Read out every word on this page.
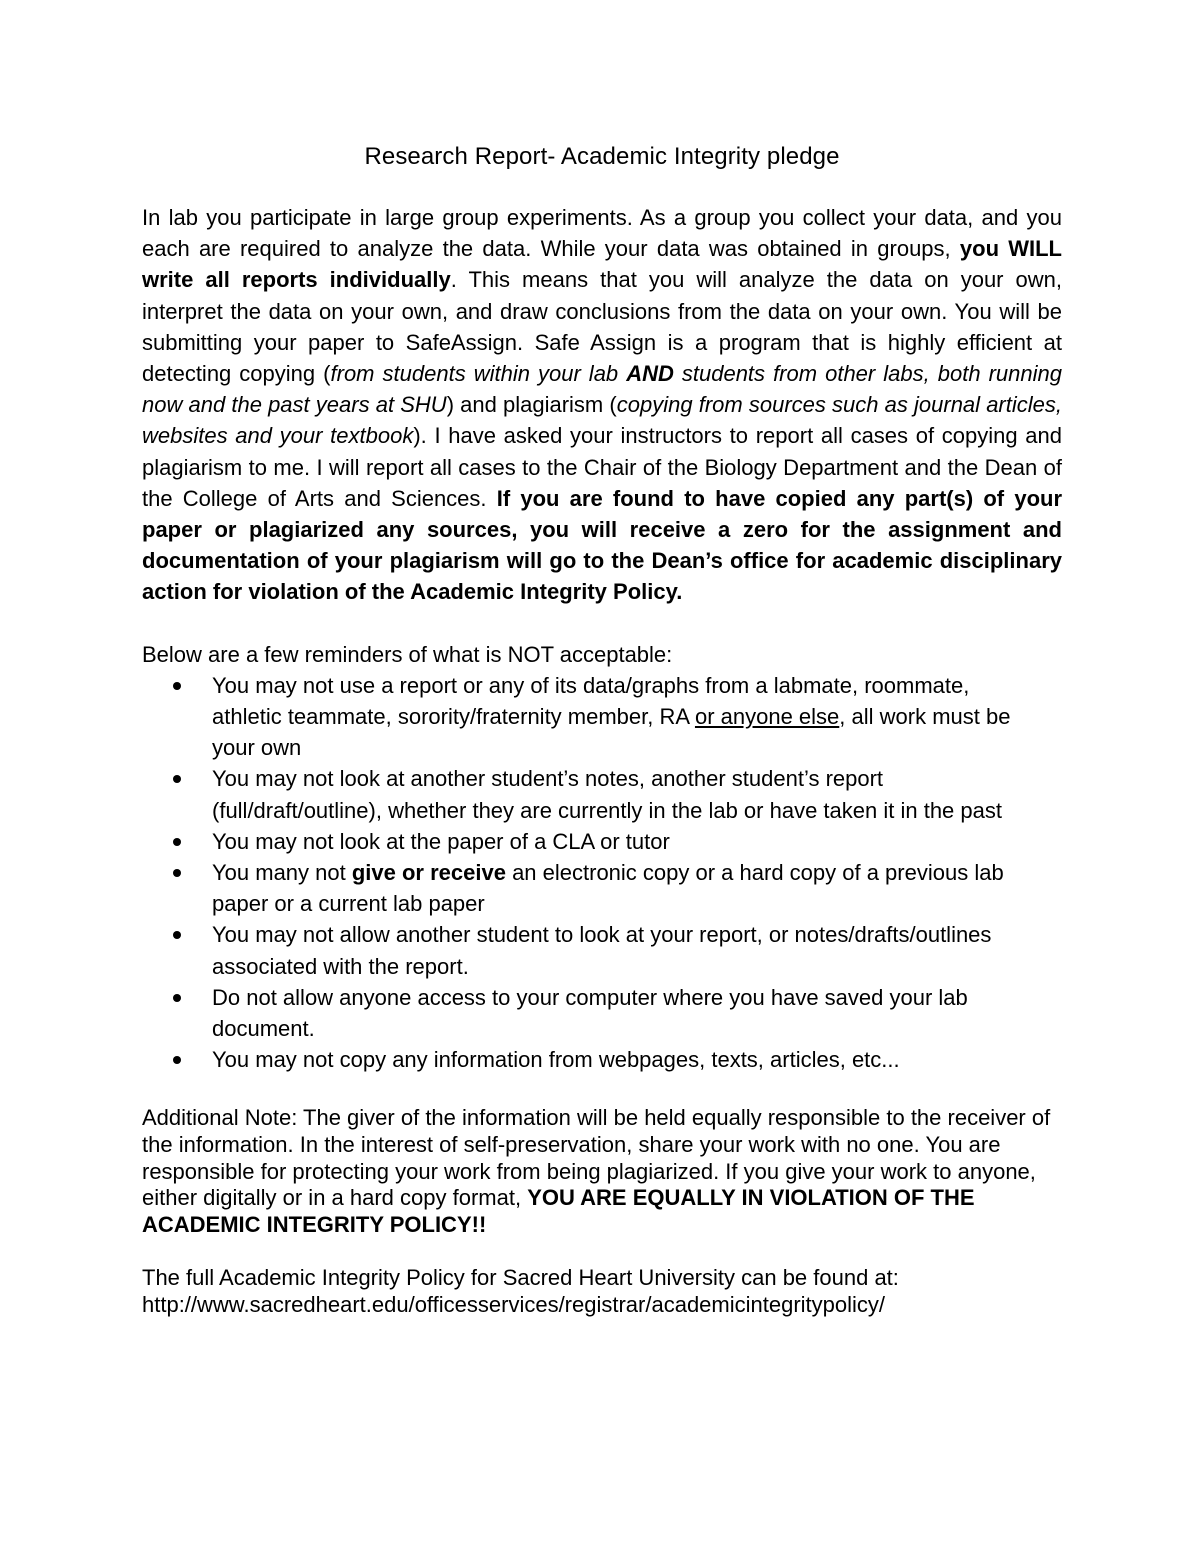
Research Report- Academic Integrity pledge

In lab you participate in large group experiments. As a group you collect your data, and you each are required to analyze the data. While your data was obtained in groups, you WILL write all reports individually. This means that you will analyze the data on your own, interpret the data on your own, and draw conclusions from the data on your own. You will be submitting your paper to SafeAssign. Safe Assign is a program that is highly efficient at detecting copying (from students within your lab AND students from other labs, both running now and the past years at SHU) and plagiarism (copying from sources such as journal articles, websites and your textbook). I have asked your instructors to report all cases of copying and plagiarism to me. I will report all cases to the Chair of the Biology Department and the Dean of the College of Arts and Sciences. If you are found to have copied any part(s) of your paper or plagiarized any sources, you will receive a zero for the assignment and documentation of your plagiarism will go to the Dean’s office for academic disciplinary action for violation of the Academic Integrity Policy.

Below are a few reminders of what is NOT acceptable:

You may not use a report or any of its data/graphs from a labmate, roommate, athletic teammate, sorority/fraternity member, RA or anyone else, all work must be your own
You may not look at another student’s notes, another student’s report (full/draft/outline), whether they are currently in the lab or have taken it in the past
You may not look at the paper of a CLA or tutor
You many not give or receive an electronic copy or a hard copy of a previous lab paper or a current lab paper
You may not allow another student to look at your report, or notes/drafts/outlines associated with the report.
Do not allow anyone access to your computer where you have saved your lab document.
You may not copy any information from webpages, texts, articles, etc...

Additional Note: The giver of the information will be held equally responsible to the receiver of the information. In the interest of self-preservation, share your work with no one. You are responsible for protecting your work from being plagiarized. If you give your work to anyone, either digitally or in a hard copy format, YOU ARE EQUALLY IN VIOLATION OF THE ACADEMIC INTEGRITY POLICY!!

The full Academic Integrity Policy for Sacred Heart University can be found at:
http://www.sacredheart.edu/officesservices/registrar/academicintegritypolicy/
